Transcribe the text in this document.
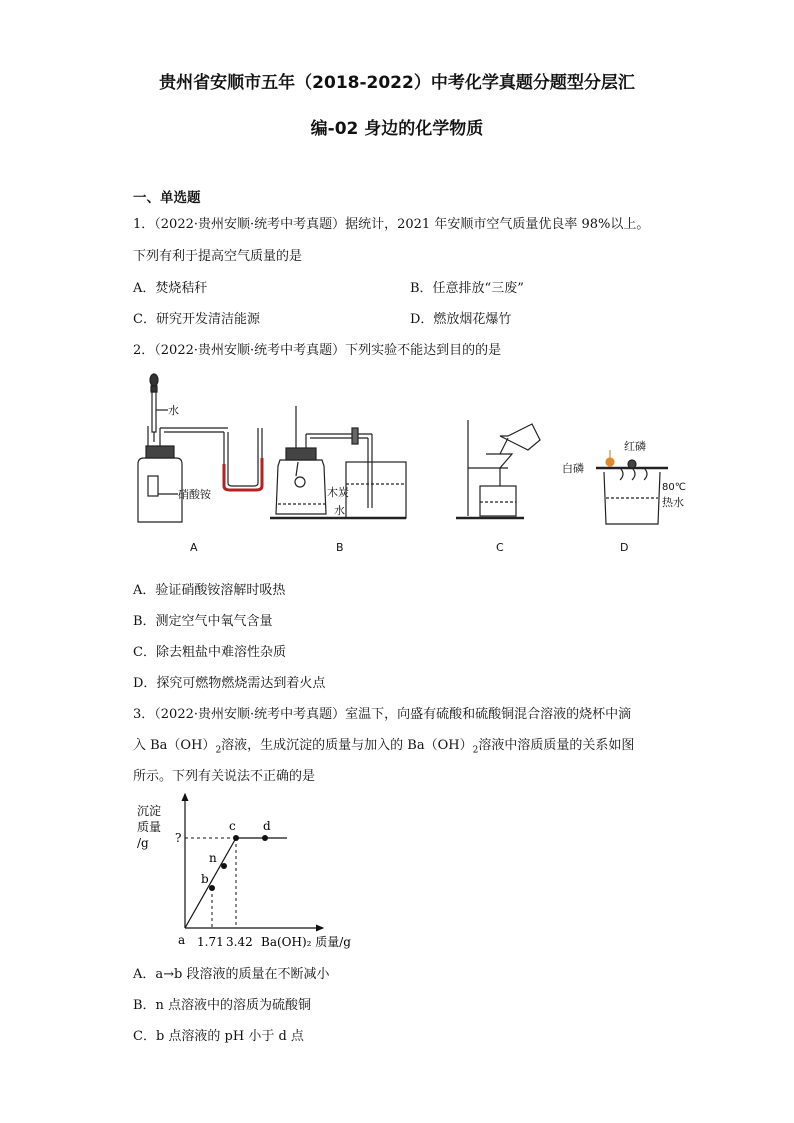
贵州省安顺市五年（2018-2022）中考化学真题分题型分层汇
编-02 身边的化学物质
一、单选题
1．（2022·贵州安顺·统考中考真题）据统计，2021 年安顺市空气质量优良率 98%以上。
下列有利于提高空气质量的是
A．焚烧秸秆	B．任意排放“三废”
C．研究开发清洁能源	D．燃放烟花爆竹
2．（2022·贵州安顺·统考中考真题）下列实验不能达到目的的是
水
硝酸铵	木炭
水
白磷
红磷
80℃
热水
A	B	C	D
A．验证硝酸铵溶解时吸热
B．测定空气中氧气含量
C．除去粗盐中难溶性杂质
D．探究可燃物燃烧需达到着火点
3．（2022·贵州安顺·统考中考真题）室温下，向盛有硫酸和硫酸铜混合溶液的烧杯中滴
入 $Ba(OH)_2$溶液，生成沉淀的质量与加入的 $Ba(OH)_2$溶液中溶质质量的关系如图
所示。下列有关说法不正确的是
沉淀
质量
/g ?
a
b
n
c d
1.71 3.42 Ba(OH)₂ 质量/g
A．a→b 段溶液的质量在不断减小
B．n 点溶液中的溶质为硫酸铜
C．b 点溶液的 pH 小于 d 点
